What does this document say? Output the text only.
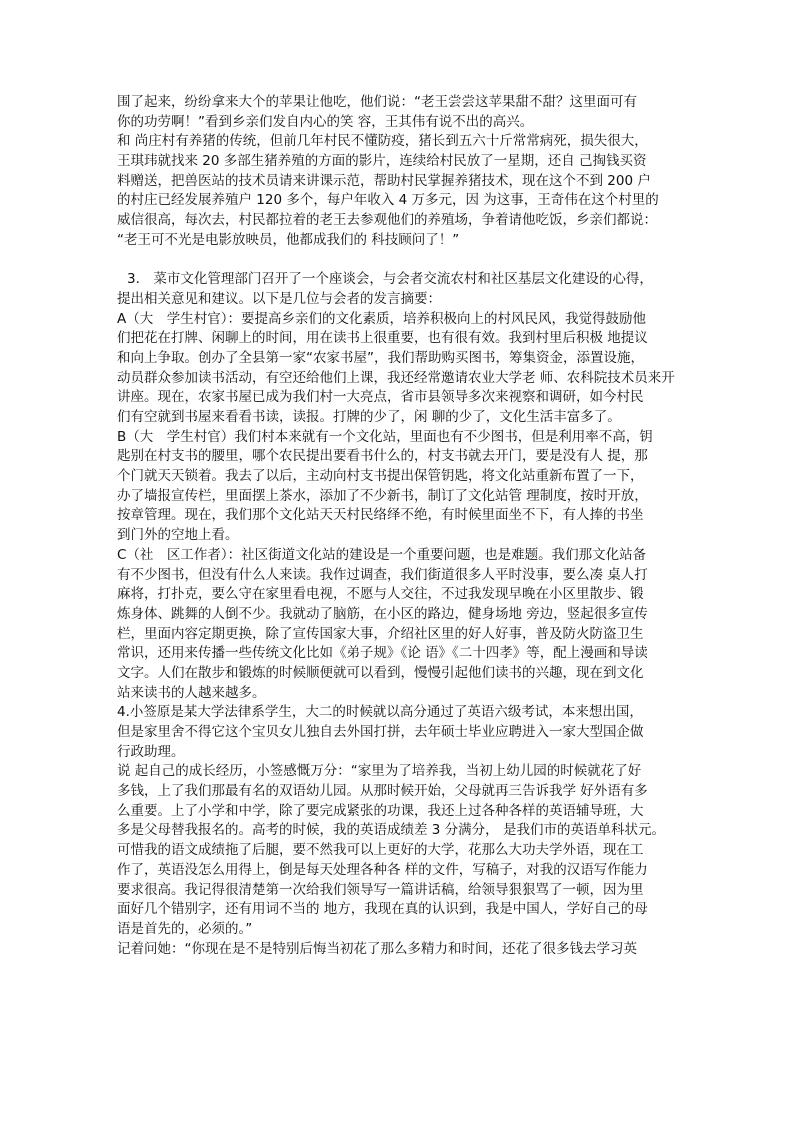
围了起来，纷纷拿来大个的苹果让他吃，他们说：“老王尝尝这苹果甜不甜？这里面可有
你的功劳啊！”看到乡亲们发自内心的笑 容，王其伟有说不出的高兴。
和 尚庄村有养猪的传统，但前几年村民不懂防疫，猪长到五六十斤常常病死，损失很大，
王琪玮就找来 20 多部生猪养殖的方面的影片，连续给村民放了一星期，还自 己掏钱买资
料赠送，把兽医站的技术员请来讲课示范，帮助村民掌握养猪技术，现在这个不到 200 户
的村庄已经发展养殖户 120 多个，每户年收入 4 万多元，因 为这事，王奇伟在这个村里的
威信很高，每次去，村民都拉着的老王去参观他们的养殖场，争着请他吃饭，乡亲们都说：
“老王可不光是电影放映员，他都成我们的 科技顾问了！”
3.　菜市文化管理部门召开了一个座谈会，与会者交流农村和社区基层文化建设的心得，
提出相关意见和建议。以下是几位与会者的发言摘要：
A（大　学生村官）：要提高乡亲们的文化素质，培养积极向上的村风民风，我觉得鼓励他
们把花在打牌、闲聊上的时间，用在读书上很重要，也有很有效。我到村里后积极 地提议
和向上争取。创办了全县第一家“农家书屋”，我们帮助购买图书，筹集资金，添置设施，
动员群众参加读书活动，有空还给他们上课，我还经常邀请农业大学老 师、农科院技术员来开
讲座。现在，农家书屋已成为我们村一大亮点，省市县领导多次来视察和调研，如今村民
们有空就到书屋来看看书读，读报。打牌的少了，闲 聊的少了，文化生活丰富多了。
B（大　学生村官）我们村本来就有一个文化站，里面也有不少图书，但是利用率不高，钥
匙别在村支书的腰里，哪个农民提出要看书什么的，村支书就去开门，要是没有人 提，那
个门就天天锁着。我去了以后，主动向村支书提出保管钥匙，将文化站重新布置了一下，
办了墙报宣传栏，里面摆上茶水，添加了不少新书，制订了文化站管 理制度，按时开放，
按章管理。现在，我们那个文化站天天村民络绎不绝，有时候里面坐不下，有人捧的书坐
到门外的空地上看。
C（社　区工作者）：社区街道文化站的建设是一个重要问题，也是难题。我们那文化站备
有不少图书，但没有什么人来读。我作过调查，我们街道很多人平时没事，要么凑 桌人打
麻将，打扑克，要么守在家里看电视，不愿与人交往，不过我发现早晚在小区里散步、锻
炼身体、跳舞的人倒不少。我就动了脑筋，在小区的路边，健身场地 旁边，竖起很多宣传
栏，里面内容定期更换，除了宣传国家大事，介绍社区里的好人好事，普及防火防盗卫生
常识，还用来传播一些传统文化比如《弟子规》《论 语》《二十四孝》等，配上漫画和导读
文字。人们在散步和锻炼的时候顺便就可以看到，慢慢引起他们读书的兴趣，现在到文化
站来读书的人越来越多。
4.小签原是某大学法律系学生，大二的时候就以高分通过了英语六级考试，本来想出国，
但是家里舍不得它这个宝贝女儿独自去外国打拼，去年硕士毕业应聘进入一家大型国企做
行政助理。
说 起自己的成长经历，小签感慨万分：“家里为了培养我，当初上幼儿园的时候就花了好
多钱，上了我们那最有名的双语幼儿园。从那时候开始，父母就再三告诉我学 好外语有多
么重要。上了小学和中学，除了要完成紧张的功课，我还上过各种各样的英语辅导班，大
多是父母替我报名的。高考的时候，我的英语成绩差 3 分满分， 是我们市的英语单科状元。
可惜我的语文成绩拖了后腿，要不然我可以上更好的大学，花那么大功夫学外语，现在工
作了，英语没怎么用得上，倒是每天处理各种各 样的文件，写稿子，对我的汉语写作能力
要求很高。我记得很清楚第一次给我们领导写一篇讲话稿，给领导狠狠骂了一顿，因为里
面好几个错别字，还有用词不当的 地方，我现在真的认识到，我是中国人，学好自己的母
语是首先的，必须的。”
记着问她：“你现在是不是特别后悔当初花了那么多精力和时间，还花了很多钱去学习英
